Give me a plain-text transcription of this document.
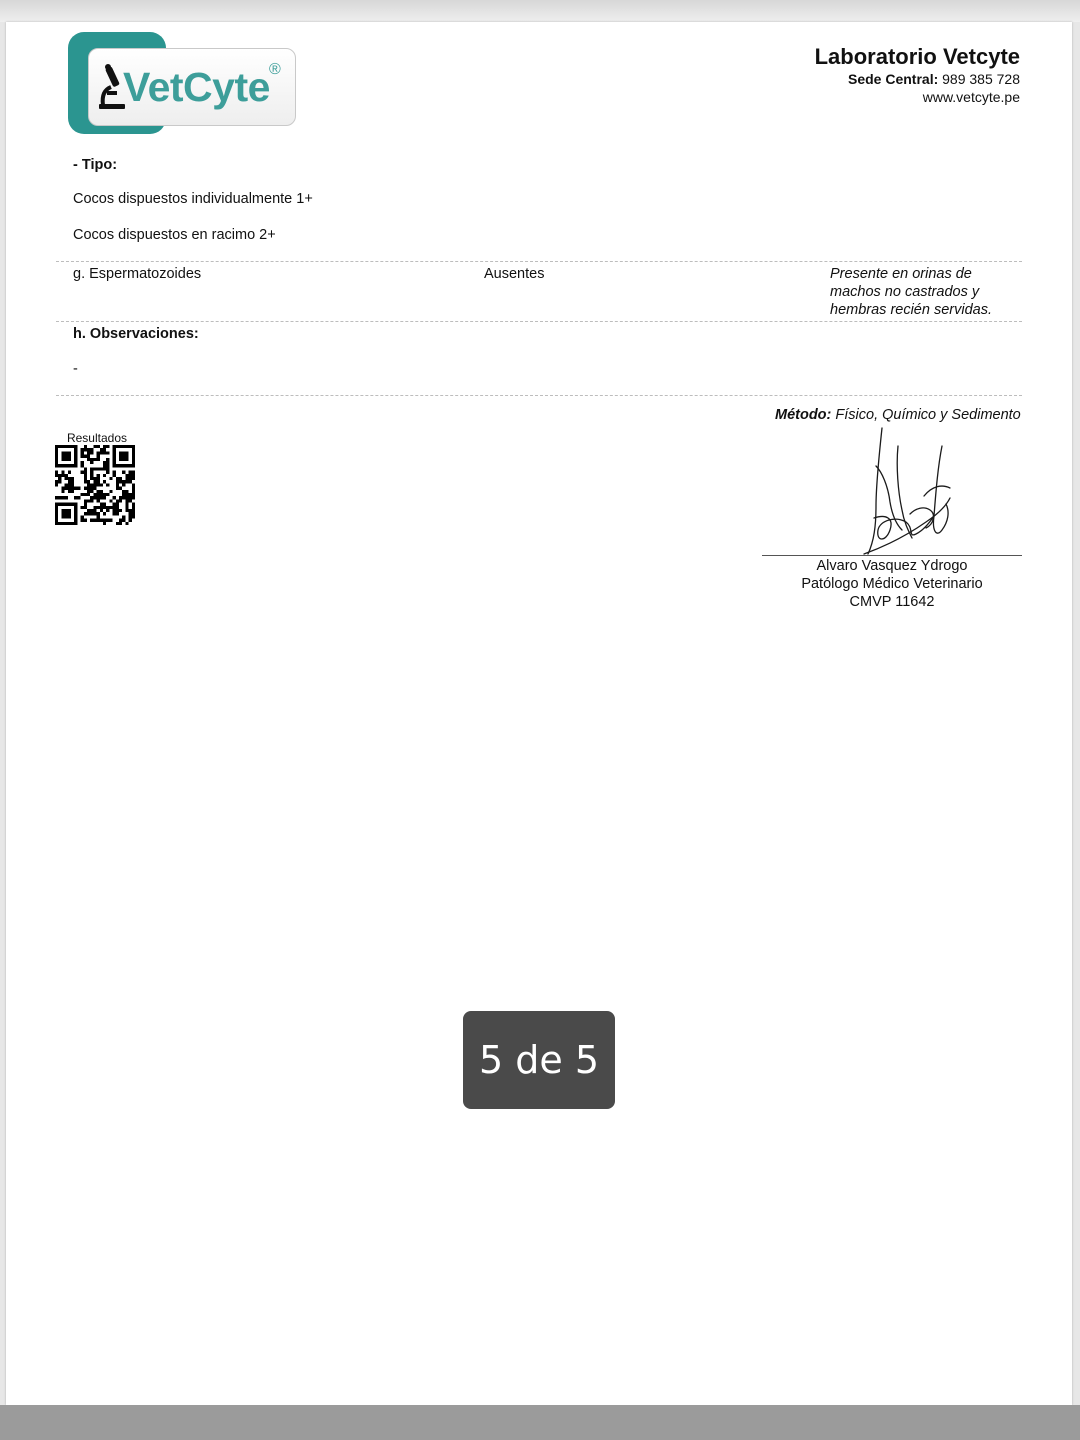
VetCyte ®
Laboratorio Vetcyte
Sede Central: 989 385 728
www.vetcyte.pe
- Tipo:
Cocos dispuestos individualmente 1+
Cocos dispuestos en racimo 2+
g. Espermatozoides	Ausentes	Presente en orinas de machos no castrados y hembras recién servidas.
h. Observaciones:
-
Método: Físico, Químico y Sedimento
Resultados
Alvaro Vasquez Ydrogo
Patólogo Médico Veterinario
CMVP 11642
5 de 5
